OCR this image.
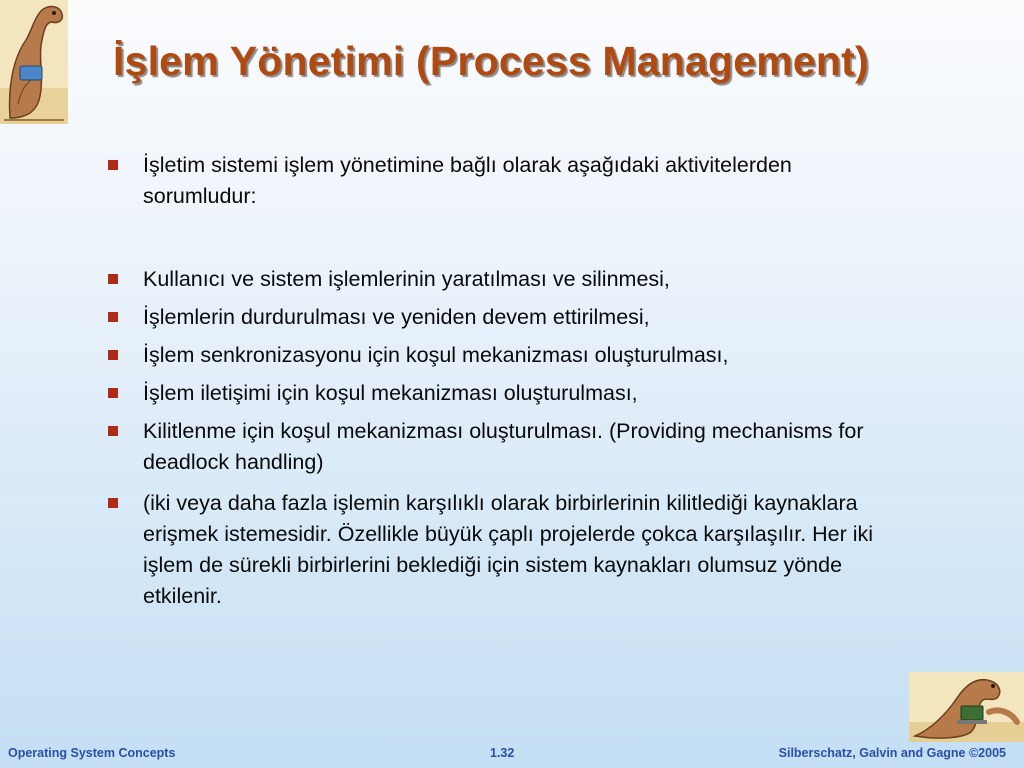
İşlem Yönetimi (Process Management)
İşletim sistemi işlem yönetimine bağlı olarak aşağıdaki aktivitelerden sorumludur:
Kullanıcı ve sistem işlemlerinin yaratılması ve silinmesi,
İşlemlerin durdurulması ve yeniden devem ettirilmesi,
İşlem senkronizasyonu için koşul mekanizması oluşturulması,
İşlem iletişimi için koşul mekanizması oluşturulması,
Kilitlenme için koşul mekanizması oluşturulması. (Providing mechanisms for deadlock handling)
(iki veya daha fazla işlemin karşılıklı olarak birbirlerinin kilitlediği kaynaklara erişmek istemesidir. Özellikle büyük çaplı projelerde çokca karşılaşılır. Her iki işlem de sürekli birbirlerini beklediği için sistem kaynakları olumsuz yönde etkilenir.
Operating System Concepts	1.32	Silberschatz, Galvin and Gagne ©2005
